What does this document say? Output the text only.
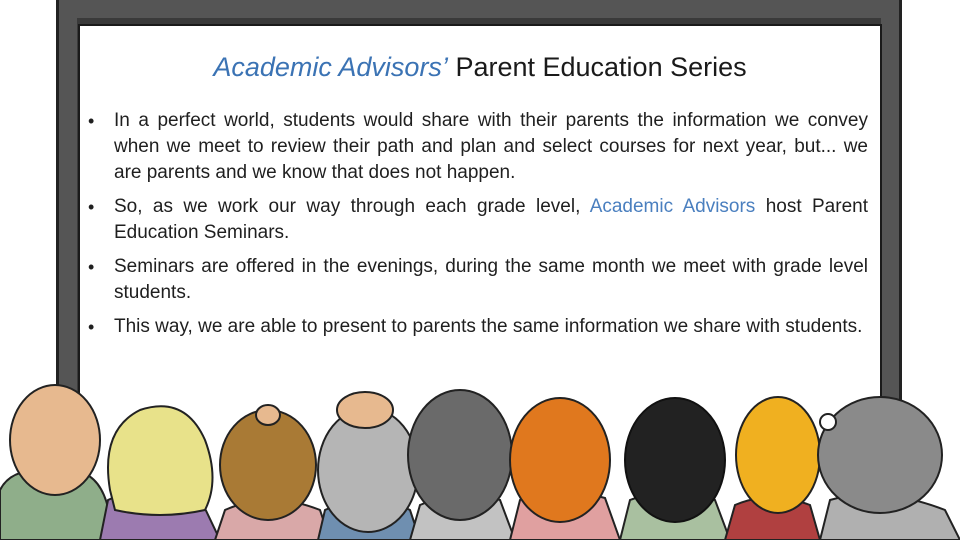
Academic Advisors’ Parent Education Series
• In a perfect world, students would share with their parents the information we convey when we meet to review their path and plan and select courses for next year, but... we are parents and we know that does not happen.
• So, as we work our way through each grade level, Academic Advisors host Parent Education Seminars.
• Seminars are offered in the evenings, during the same month we meet with grade level students.
• This way, we are able to present to parents the same information we share with students.
